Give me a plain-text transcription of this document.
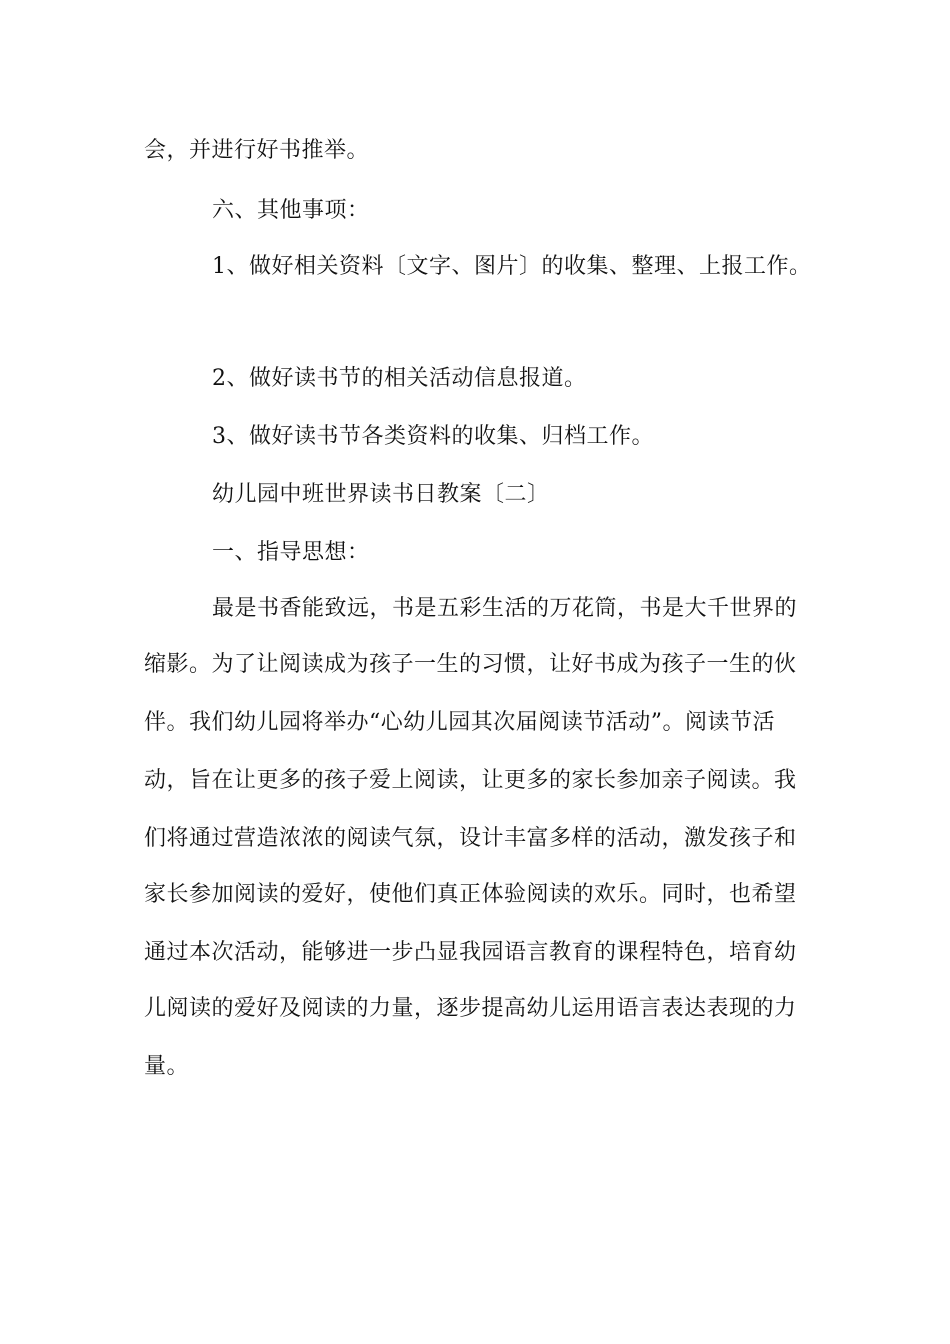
会，并进行好书推举。
六、其他事项：
1、做好相关资料〔文字、图片〕的收集、整理、上报工作。
2、做好读书节的相关活动信息报道。
3、做好读书节各类资料的收集、归档工作。
幼儿园中班世界读书日教案〔二〕
一、指导思想：
最是书香能致远，书是五彩生活的万花筒，书是大千世界的
缩影。为了让阅读成为孩子一生的习惯，让好书成为孩子一生的伙
伴。我们幼儿园将举办“心幼儿园其次届阅读节活动”。阅读节活
动，旨在让更多的孩子爱上阅读，让更多的家长参加亲子阅读。我
们将通过营造浓浓的阅读气氛，设计丰富多样的活动，激发孩子和
家长参加阅读的爱好，使他们真正体验阅读的欢乐。同时，也希望
通过本次活动，能够进一步凸显我园语言教育的课程特色，培育幼
儿阅读的爱好及阅读的力量，逐步提高幼儿运用语言表达表现的力
量。
